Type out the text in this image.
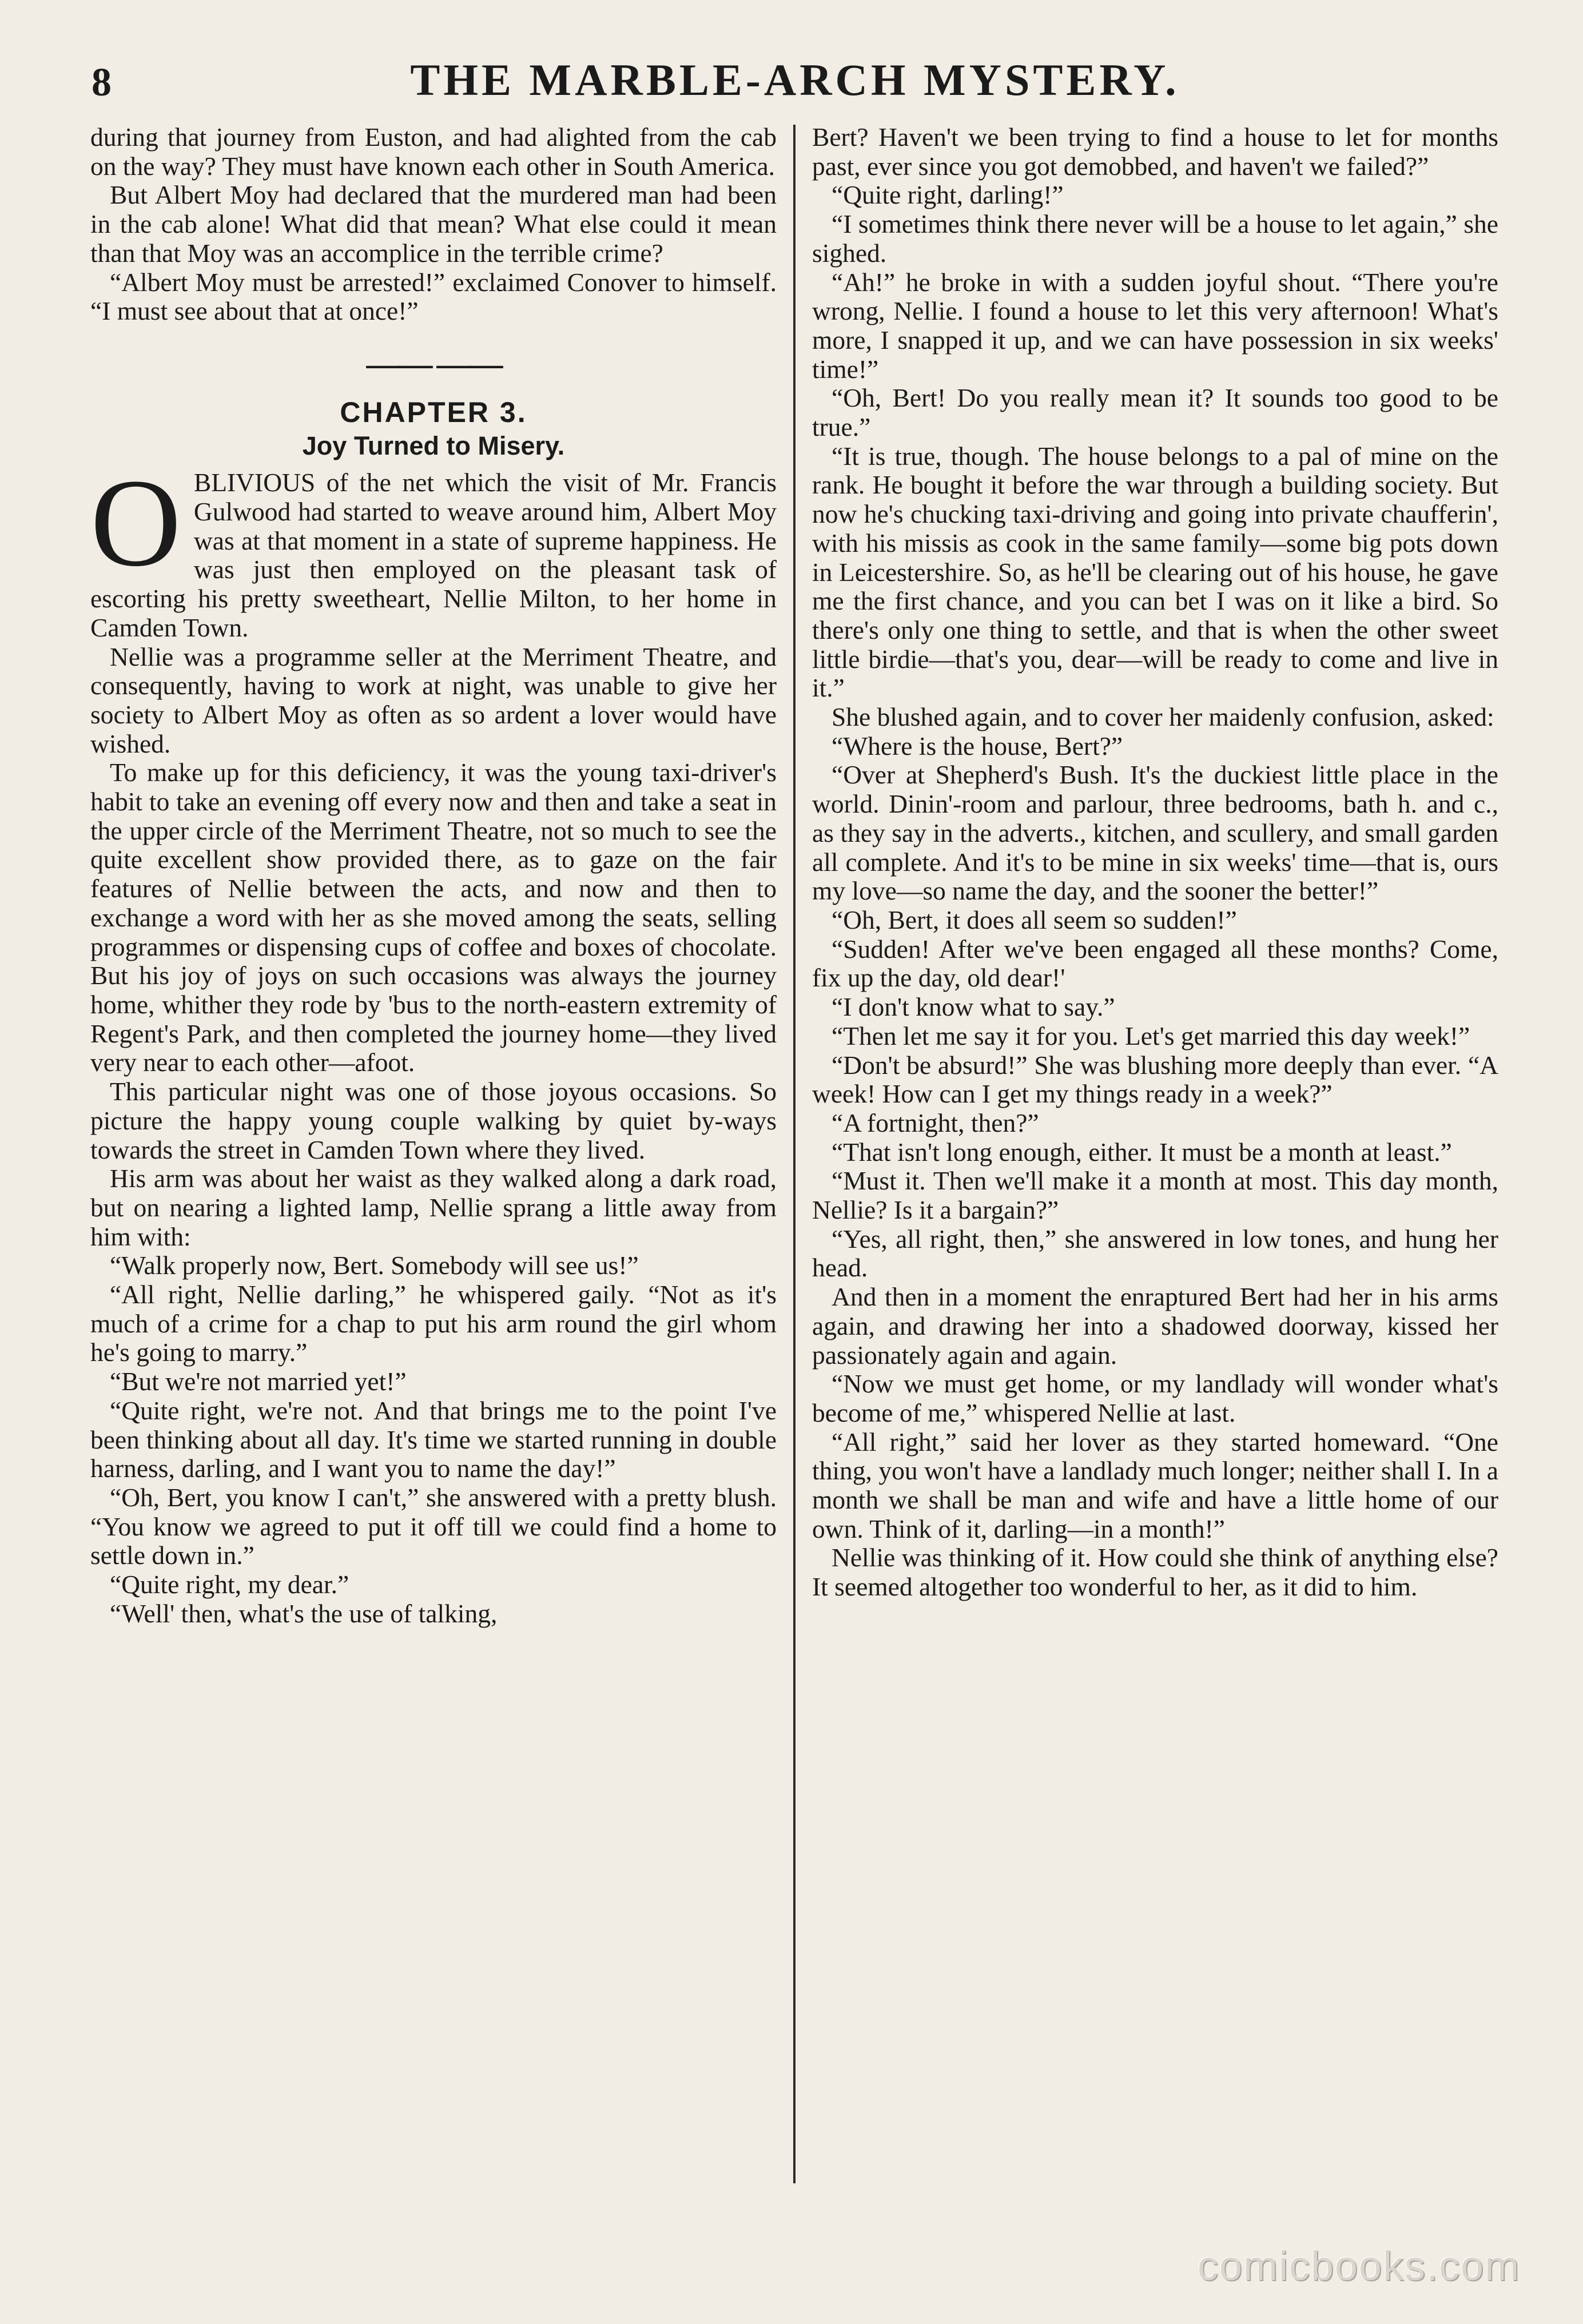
8	THE MARBLE-ARCH MYSTERY.

during that journey from Euston, and had alighted from the cab on the way? They must have known each other in South America.

But Albert Moy had declared that the murdered man had been in the cab alone! What did that mean? What else could it mean than that Moy was an accomplice in the terrible crime?

“Albert Moy must be arrested!” exclaimed Conover to himself. “I must see about that at once!”

—— ——
CHAPTER 3.
Joy Turned to Misery.

OBLIVIOUS of the net which the visit of Mr. Francis Gulwood had started to weave around him, Albert Moy was at that moment in a state of supreme happiness. He was just then employed on the pleasant task of escorting his pretty sweetheart, Nellie Milton, to her home in Camden Town.

Nellie was a programme seller at the Merriment Theatre, and consequently, having to work at night, was unable to give her society to Albert Moy as often as so ardent a lover would have wished.

To make up for this deficiency, it was the young taxi-driver's habit to take an evening off every now and then and take a seat in the upper circle of the Merriment Theatre, not so much to see the quite excellent show provided there, as to gaze on the fair features of Nellie between the acts, and now and then to exchange a word with her as she moved among the seats, selling programmes or dispensing cups of coffee and boxes of chocolate. But his joy of joys on such occasions was always the journey home, whither they rode by 'bus to the north-eastern extremity of Regent's Park, and then completed the journey home—they lived very near to each other—afoot.

This particular night was one of those joyous occasions. So picture the happy young couple walking by quiet by-ways towards the street in Camden Town where they lived.

His arm was about her waist as they walked along a dark road, but on nearing a lighted lamp, Nellie sprang a little away from him with:

“Walk properly now, Bert. Somebody will see us!”

“All right, Nellie darling,” he whispered gaily. “Not as it's much of a crime for a chap to put his arm round the girl whom he's going to marry.”

“But we're not married yet!”

“Quite right, we're not. And that brings me to the point I've been thinking about all day. It's time we started running in double harness, darling, and I want you to name the day!”

“Oh, Bert, you know I can't,” she answered with a pretty blush. “You know we agreed to put it off till we could find a home to settle down in.”

“Quite right, my dear.”

“Well' then, what's the use of talking,

Bert? Haven't we been trying to find a house to let for months past, ever since you got demobbed, and haven't we failed?”

“Quite right, darling!”

“I sometimes think there never will be a house to let again,” she sighed.

“Ah!” he broke in with a sudden joyful shout. “There you're wrong, Nellie. I found a house to let this very afternoon! What's more, I snapped it up, and we can have possession in six weeks' time!”

“Oh, Bert! Do you really mean it? It sounds too good to be true.”

“It is true, though. The house belongs to a pal of mine on the rank. He bought it before the war through a building society. But now he's chucking taxi-driving and going into private chaufferin', with his missis as cook in the same family—some big pots down in Leicestershire. So, as he'll be clearing out of his house, he gave me the first chance, and you can bet I was on it like a bird. So there's only one thing to settle, and that is when the other sweet little birdie—that's you, dear—will be ready to come and live in it.”

She blushed again, and to cover her maidenly confusion, asked:

“Where is the house, Bert?”

“Over at Shepherd's Bush. It's the duckiest little place in the world. Dinin'-room and parlour, three bedrooms, bath h. and c., as they say in the adverts., kitchen, and scullery, and small garden all complete. And it's to be mine in six weeks' time—that is, ours my love—so name the day, and the sooner the better!”

“Oh, Bert, it does all seem so sudden!”

“Sudden! After we've been engaged all these months? Come, fix up the day, old dear!'

“I don't know what to say.”

“Then let me say it for you. Let's get married this day week!”

“Don't be absurd!” She was blushing more deeply than ever. “A week! How can I get my things ready in a week?”

“A fortnight, then?”

“That isn't long enough, either. It must be a month at least.”

“Must it. Then we'll make it a month at most. This day month, Nellie? Is it a bargain?”

“Yes, all right, then,” she answered in low tones, and hung her head.

And then in a moment the enraptured Bert had her in his arms again, and drawing her into a shadowed doorway, kissed her passionately again and again.

“Now we must get home, or my landlady will wonder what's become of me,” whispered Nellie at last.

“All right,” said her lover as they started homeward. “One thing, you won't have a landlady much longer; neither shall I. In a month we shall be man and wife and have a little home of our own. Think of it, darling—in a month!”

Nellie was thinking of it. How could she think of anything else? It seemed altogether too wonderful to her, as it did to him.

comicbooks.com
